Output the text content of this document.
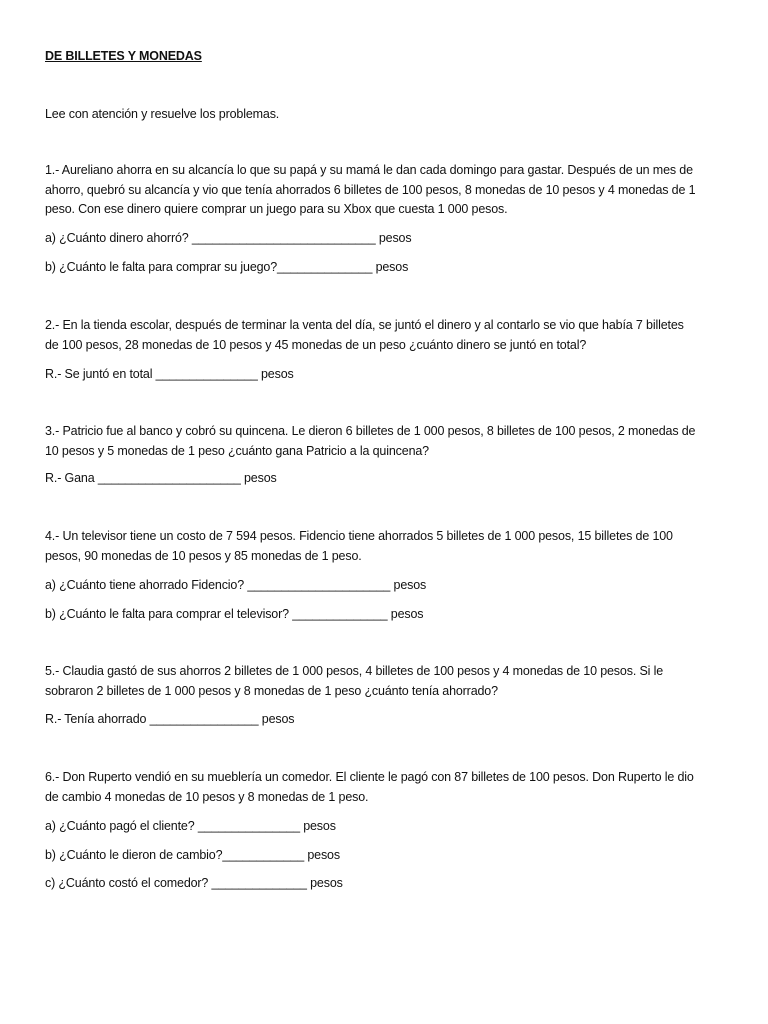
DE BILLETES Y MONEDAS
Lee con atención y resuelve los problemas.
1.- Aureliano ahorra en su alcancía lo que su papá y su mamá le dan cada domingo para gastar. Después de un mes de
ahorro, quebró su alcancía y vio que tenía ahorrados 6 billetes de 100 pesos, 8 monedas de 10 pesos y 4 monedas de 1
peso. Con ese dinero quiere comprar un juego para su Xbox que cuesta 1 000 pesos.
a) ¿Cuánto dinero ahorró? ___________________________ pesos
b) ¿Cuánto le falta para comprar su juego?______________ pesos
2.- En la tienda escolar, después de terminar la venta del día, se juntó el dinero y al contarlo se vio que había 7 billetes
de 100 pesos, 28 monedas de 10 pesos y 45 monedas de un peso ¿cuánto dinero se juntó en total?
R.- Se juntó en total _______________ pesos
3.- Patricio fue al banco y cobró su quincena. Le dieron 6 billetes de 1 000 pesos, 8 billetes de 100 pesos, 2 monedas de
10 pesos y 5 monedas de 1 peso ¿cuánto gana Patricio a la quincena?
R.- Gana _____________________ pesos
4.- Un televisor tiene un costo de 7 594 pesos. Fidencio tiene ahorrados 5 billetes de 1 000 pesos, 15 billetes de 100
pesos, 90 monedas de 10 pesos y 85 monedas de 1 peso.
a) ¿Cuánto tiene ahorrado Fidencio? _____________________ pesos
b) ¿Cuánto le falta para comprar el televisor? ______________ pesos
5.- Claudia gastó de sus ahorros 2 billetes de 1 000 pesos, 4 billetes de 100 pesos y 4 monedas de 10 pesos. Si le
sobraron 2 billetes de 1 000 pesos y 8 monedas de 1 peso ¿cuánto tenía ahorrado?
R.- Tenía ahorrado ________________ pesos
6.- Don Ruperto vendió en su mueblería un comedor. El cliente le pagó con 87 billetes de 100 pesos. Don Ruperto le dio
de cambio 4 monedas de 10 pesos y 8 monedas de 1 peso.
a) ¿Cuánto pagó el cliente? _______________ pesos
b) ¿Cuánto le dieron de cambio?____________ pesos
c) ¿Cuánto costó el comedor? ______________ pesos
